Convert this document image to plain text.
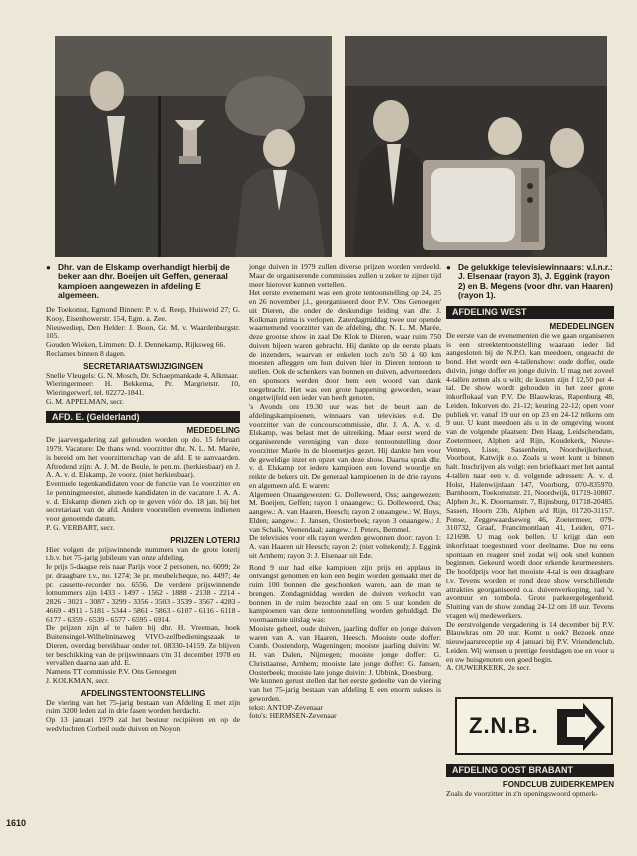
● Dhr. van de Elskamp overhandigt hierbij de beker aan dhr. Boeijen uit Geffen, generaal kampioen aangewezen in afdeling E algemeen.

De Toekomst, Egmond Binnen: P. v. d. Reep, Huisweid 27; G. Kooy, Eisenhowerstr. 154, Egm. a. Zee.
Nieuwediep, Den Helder: J. Boon, Gr. M. v. Waardenburgstr. 105.
Gouden Wieken, Limmen: D. J. Dennekamp, Rijksweg 66.
Reclames binnen 8 dagen.

SECRETARIAATSWIJZIGINGEN

Snelle Vleugels: G. N. Mosch, Dr. Schaepmankade 4, Alkmaar.
Wieringermeer: H. Bekkema, Pr. Margrietstr. 10, Wieringerwerf, tel. 02272-1841.

G. M. APPELMAN, secr.

AFD. E. (Gelderland)
MEDEDELING

De jaarvergadering zal gehouden worden op do. 15 februari 1979. Vacature: De thans wnd. voorzitter dhr. N. L. M. Marée, is bereid om het voorzitterschap van de afd. E te aanvaarden. Aftredend zijn: A. J. M. de Beule, le pen.m. (herkiesbaar) en J. A. A. v. d. Elskamp, 2e voorz. (niet herkiesbaar).
Eventuele tegenkandidaten voor de functie van 1e voorzitter en 1e penningmeester, alsmede kandidaten in de vacature J. A. A. v. d. Elskamp dienen zich op te geven vóór do. 18 jan. bij het secretariaat van de afd. Andere voorstellen eveneens indienen voor genoemde datum.

P. G. VERBART, secr.

PRIJZEN LOTERIJ

Hier volgen de prijswinnende nummers van de grote loterij t.b.v. het 75-jarig jubileum van onze afdeling.
Ie prijs 5-daagse reis naar Parijs voor 2 personen, no. 6099; 2e pr. draagbare t.v., no. 1274; 3e pr. meubelcheque, no. 4497; 4e pr. cassette-recorder no. 6556. De verdere prijswinnende lotnummers zijn 1433 - 1497 - 1562 - 1888 - 2138 - 2214 - 2826 - 3021 - 3087 - 3299 - 3356 - 3503 - 3539 - 3567 - 4283 - 4669 - 4911 - 5181 - 5344 - 5861 - 5863 - 6107 - 6116 - 6118 - 6177 - 6359 - 6539 - 6577 - 6595 - 6914.
De prijzen zijn af te halen bij dhr. H. Vreeman, hoek Buitensingel-Wilhelminaweg VIVO-zelfbedieningszaak te Dieren, overdag bereikbaar onder tel. 08330-14159. Ze blijven ter beschikking van de prijswinnaars t/m 31 december 1978 en vervallen daarna aan afd. E.

Namens TT commissie P.V. Ons Genoegen
J. KOLKMAN, secr.

AFDELINGSTENTOONSTELLING

De viering van het 75-jarig bestaan van Afdeling E met zijn ruim 3200 leden zal in drie fasen worden herdacht.
Op 13 januari 1979 zal het bestuur recipiëren en op de wedvluchten Corbeil oude duiven en Noyon

jonge duiven in 1979 zullen diverse prijzen worden verdeeld. Maar de organiserende commissies zullen u zeker te zijner tijd meer hierover kunnen vertellen.

Het eerste evenement was een grote tentoonstelling op 24, 25 en 26 november j.l., georganiseerd door P.V. 'Ons Genoegen' uit Dieren, die onder de deskundige leiding van dhr. J. Kolkman prima is verlopen. Zaterdagmiddag twee uur opende waarnemend voorzitter van de afdeling, dhr. N. L. M. Marée, deze grootse show in zaal De Klok te Dieren, waar ruim 750 duiven bijeen waren gebracht. Hij dankte op de eerste plaats de inzenders, waarvan er enkelen toch zo'n 50 à 60 km moesten afleggen om hun duiven hier in Dieren tentoon te stellen. Ook de schenkers van bonnen en duiven, adverteerders en sponsors werden door hem een woord van dank toegebracht. Het was een grote happening geworden, waar ongetwijfeld een ieder van heeft genoten.

's Avonds om 19.30 uur was het de beurt aan de afdelingskampioenen, winnaars van televisies e.d. De voorzitter van de concourscommissie, dhr. J. A. A. v. d. Elskamp, was belast met de uitreiking. Maar eerst werd de organiserende vereniging van deze tentoonstelling door voorzitter Marée in de bloemetjes gezet. Hij dankte hen voor de geweldige inzet en opzet van deze show. Daarna sprak dhr. v. d. Elskamp tot iedere kampioen een lovend woordje en reikte de bekers uit. De generaal kampioenen in de drie rayons en algemeen afd. E waren:

Algemeen Onaangewezen: G. Dolleweerd, Oss; aangewezen: M. Boeijen, Geffen; rayon 1 onaangew.: G. Dolleweerd, Oss; aangew.: A. van Haaren, Heesch; rayon 2 onaangew.: W. Buys, Elden; aangew.: J. Jansen, Oosterbeek; rayon 3 onaangew.: J. van Schaik, Veenendaal; aangew.: J. Peters, Bemmel.

De televisies voor elk rayon werden gewonnen door: rayon 1: A. van Haaren uit Heesch; rayon 2: (niet voltekend); J. Eggink uit Arnhem; rayon 3: J. Elsenaar uit Ede.

Rond 9 uur had elke kampioen zijn prijs en applaus in ontvangst genomen en kon een begin worden gemaakt met de ruim 100 bonnen die geschonken waren, aan de man te brengen. Zondagmiddag werden de duiven verkocht van bonnen in de ruim bezochte zaal en om 5 uur konden de kampioenen van deze tentoonstelling worden gehuldigd. De voornaamste uitslag was:

Mooiste geheel, oude duiven, jaarling doffer en jonge duiven waren van A. van Haaren, Heesch. Mooiste oude doffer: Comb. Oostendorp, Wageningen; mooiste jaarling duivin: W. H. van Dalen, Nijmegen; mooiste jonge doffer: G. Christiaanse, Arnhem; mooiste late jonge doffer: G. Jansen, Oosterbeek; mooiste late jonge duivin: J. Ubbink, Doesburg.

We kunnen gerust stellen dat het eerste gedeelte van de viering van het 75-jarig bestaan van afdeling E een enorm sukses is geworden.

tekst: ANTOP-Zevenaar

foto's: HERMSEN-Zevenaar

● De gelukkige televisiewinnaars: v.l.n.r.: J. Elsenaar (rayon 3), J. Eggink (rayon 2) en B. Megens (voor dhr. van Haaren) (rayon 1).
AFDELING WEST
MEDEDELINGEN

De eerste van de evenementen die we gaan organiseren is een streektentoonstelling waaraan ieder lid aangesloten bij de N.P.O. kan meedoen, ongeacht de bond. Het wordt een 4-tallenshow: oude doffer, oude duivin, jonge doffer en jonge duivin. U mag net zoveel 4-tallen zetten als u wilt; de kosten zijn f 12,50 per 4-tal. De show wordt gehouden in het zeer grote inkorflokaal van P.V. De Blauwkras, Rapenburg 48, Leiden. Inkorven do. 21-12; keuring 22-12; open voor publiek vr. vanaf 19 uur en op 23 en 24-12 telkens om 9 uur. U kunt meedoen als u in de omgeving woont van de volgende plaatsen: Den Haag, Leidschendam, Zoetermeer, Alphen a/d Rijn, Koudekerk, Nieuw-Vennep, Lisse, Sassenheim, Noordwijkerhout, Voorhout, Katwijk e.o. Zoals u weet kunt u binnen halt. Inschrijven als volgt: een briefkaart met het aantal 4-tallen naar een v. d. volgende adressen: A. v. d. Holst, Halenwijnlaan 147, Voorburg, 070-835970. Barnhoorn, Toekomststr. 21, Noordwijk, 01719-10807. Alphen Jr., K. Doornamstr. 7, Rijnsburg, 01718-20485. Sassen, Hoorn 23b, Alphen a/d Rijn, 01720-31157. Ponse, Zeggewaardseweg 46, Zoetermeer, 079-310732, Graaf, Francimontlaan 41, Leiden, 071-121698. U mag ook bellen. U krijgt dan een inkorfstaat toegestuurd voor deelname. Doe nu eens spontaan en reageer snel zodat wij ook snel kunnen beginnen. Gekeurd wordt door erkende keurmeesters. De hoofdprijs voor het mooiste 4-tal is een draagbare t.v. Tevens worden er rond deze show verschillende attrakties georganiseerd o.a. duivenverkoping, rad 'v. avontuur en tombola. Grote parkeergelegenheid. Sluiting van de show zondag 24-12 om 18 uur. Tevens vragen wij medewerkers.
De eerstvolgende vergadering is 14 december bij P.V. Blauwkras om 20 uur. Komt u ook? Bezoek onze nieuwjaarsreceptie op 4 januari bij P.V. Vriendenclub, Leiden. Wij wensen u prettige feestdagen toe en voor u en uw huisgenoten een goed begin.

A. OUWERKERK, 2e secr.

Z.N.B.
AFDELING OOST BRABANT
FONDCLUB ZUIDERKEMPEN

Zoals de voorzitter in z'n openingswoord opmerk-

1610
